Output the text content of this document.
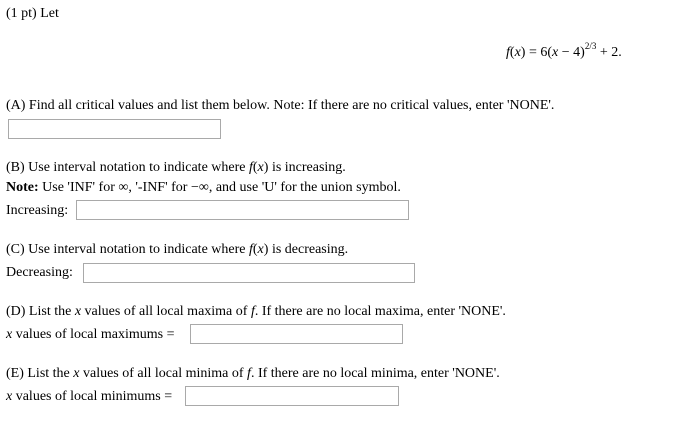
(1 pt) Let
$f(x) = 6(x - 4)^{2/3} + 2$.
(A) Find all critical values and list them below. Note: If there are no critical values, enter 'NONE'.
(B) Use interval notation to indicate where f(x) is increasing.
Note: Use 'INF' for ∞, '-INF' for −∞, and use 'U' for the union symbol.
Increasing:
(C) Use interval notation to indicate where f(x) is decreasing.
Decreasing:
(D) List the x values of all local maxima of f. If there are no local maxima, enter 'NONE'.
x values of local maximums =
(E) List the x values of all local minima of f. If there are no local minima, enter 'NONE'.
x values of local minimums =
